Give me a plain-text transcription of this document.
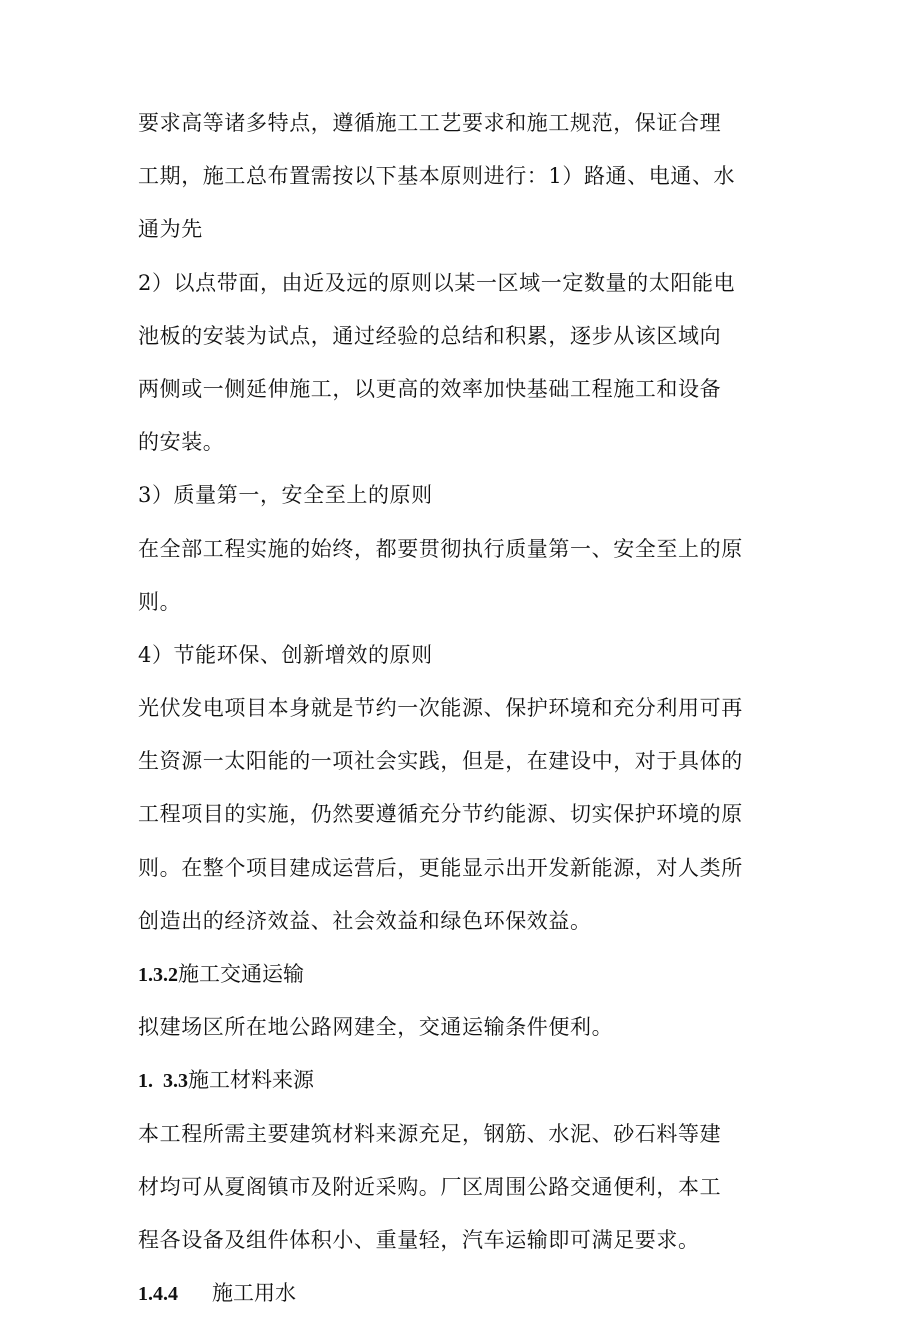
要求高等诸多特点，遵循施工工艺要求和施工规范，保证合理
工期，施工总布置需按以下基本原则进行：1）路通、电通、水
通为先
2）以点带面，由近及远的原则以某一区域一定数量的太阳能电
池板的安装为试点，通过经验的总结和积累，逐步从该区域向
两侧或一侧延伸施工，以更高的效率加快基础工程施工和设备
的安装。
3）质量第一，安全至上的原则
在全部工程实施的始终，都要贯彻执行质量第一、安全至上的原
则。
4）节能环保、创新增效的原则
光伏发电项目本身就是节约一次能源、保护环境和充分利用可再
生资源一太阳能的一项社会实践，但是，在建设中，对于具体的
工程项目的实施，仍然要遵循充分节约能源、切实保护环境的原
则。在整个项目建成运营后，更能显示出开发新能源，对人类所
创造出的经济效益、社会效益和绿色环保效益。
1.3.2施工交通运输
拟建场区所在地公路网建全，交通运输条件便利。
1.  3.3施工材料来源
本工程所需主要建筑材料来源充足，钢筋、水泥、砂石料等建
材均可从夏阁镇市及附近采购。厂区周围公路交通便利，本工
程各设备及组件体积小、重量轻，汽车运输即可满足要求。
1.4.4 施工用水
